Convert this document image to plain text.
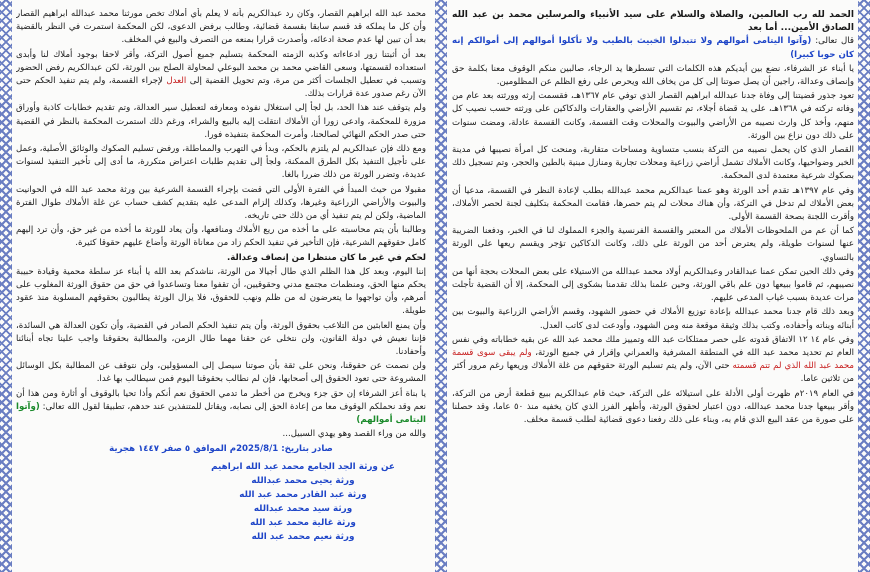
الحمد لله رب العالمين، والصلاة والسلام على سيد الأنبياء والمرسلين محمد بن عبد الله الصادق الأمين... أما بعد

قال تعالى: (وآتوا اليتامى أموالهم ولا تتبدلوا الخبيث بالطيب ولا تأكلوا أموالهم إلى أموالكم إنه كان حوبا كبيرا)

يا أبناء عز الشرفاء، نضع بين أيديكم هذه الكلمات التي تسطرها يد الرجاء، صالبين منكم الوقوف معنا بكلمة حق وإنصاف وعدالة، راجين أن يصل صوتنا إلى كل من يخاف الله ويحرص على رفع الظلم عن المظلومين.

تعود جذور قضيتنا إلى وفاة جدنا عبدالله ابراهيم القصار الذي توفي عام ١٣٦٧هـ، فقسمت إرثه وورثته بعد عام من وفاته تركته في ١٣٦٨هـ، على يد قضاة أجلاء، تم تقسيم الأراضي والعقارات والدكاكين على ورثته حسب نصيب كل منهم، وأخذ كل وارث نصيبه من الأراضي والبيوت والمحلات وقت القسمة، وكانت القسمة عادلة، ومضت سنوات على ذلك دون نزاع بين الورثة.

القصار الذي كان يحمل نصيبه من التركة بنسب متساوية ومساحات متقاربة، ومنحت كل امرأة نصيبها في مدينة الخبر وضواحيها، وكانت الأملاك تشمل أراضي زراعية ومحلات تجارية ومنازل مبنية بالطين والحجر، وتم تسجيل ذلك بصكوك شرعية معتمدة لدى المحكمة.

وفي عام ١٣٩٧هـ تقدم أحد الورثة وهو عمنا عبدالكريم محمد عبدالله بطلب لإعادة النظر في القسمة، مدعيا أن بعض الأملاك لم تدخل في التركة، وأن هناك محلات لم يتم حصرها، فقامت المحكمة بتكليف لجنة لحصر الأملاك، وأقرت اللجنة بصحة القسمة الأولى.

كما أن عم من الملحوظات الأملاك من المعتبر والقسمة الفرنسية والجزء المملوك لنا في الخبر، ودفعنا الضريبة عنها لسنوات طويلة، ولم يعترض أحد من الورثة على ذلك، وكانت الدكاكين تؤجر ويقسم ريعها على الورثة بالتساوي.

وفي ذلك الحين تمكن عمنا عبدالقادر وعبدالكريم أولاد محمد عبدالله من الاستيلاء على بعض المحلات بحجة أنها من نصيبهم، ثم قاموا ببيعها دون علم باقي الورثة، وحين علمنا بذلك تقدمنا بشكوى إلى المحكمة، إلا أن القضية تأجلت مرات عديدة بسبب غياب المدعى عليهم.

وبعد ذلك قام جدنا محمد عبدالله بإعادة توزيع الأملاك في حضور الشهود، وقسم الأراضي الزراعية والبيوت بين أبنائه وبناته وأحفاده، وكتب بذلك وثيقة موقعة منه ومن الشهود، وأودعت لدى كاتب العدل.

وفي عام ١٤ ١٢ الاتفاق قدوته على حصر ممتلكات عبد الله وتمييز ملك محمد عبد الله عن بقيه خطاباته وفي نفس العام تم تحديد محمد عبد الله في المنطقة المشرفية والعمراني وإقرار في جميع الورثة، ولم يبقى سوى قسمة محمد عبد الله الذي لم تتم قسمته حتى الآن، ولم يتم تسليم الورثة حقوقهم من غلة الأملاك وريعها رغم مرور أكثر من ثلاثين عاما.

في العام ٢٠١٩م ظهرت أولى الأدلة على استيلائه على التركة، حيث قام عبدالكريم ببيع قطعة أرض من التركة، وأقر ببيعها جدنا محمد عبدالله، دون اعتبار لحقوق الورثة، وأظهر الفرز الذي كان يخفيه منذ ٥٠ عاما، وقد حصلنا على صورة من عقد البيع الذي قام به، وبناء على ذلك رفعنا دعوى قضائية لطلب قسمة مخلف.

محمد عبد الله ابراهيم القصار، وكان رد عبدالكريم بأنه لا يعلم بأي أملاك تخص مورثنا محمد عبدالله ابراهيم القصار وأن كل ما يملكه قد قسم سابقا بقسمة قضائية، وطالب برفض الدعوى، لكن المحكمة استمرت في النظر بالقضية بعد أن تبين لها عدم صحة ادعائه، وأصدرت قرارا بمنعه من التصرف والبيع في المخلف.

بعد أن أثبتنا زور ادعاءاته وكذبه الزمته المحكمة بتسليم جميع أصول التركة، وأقر لاحقا بوجود أملاك لنا وأبدى استعداده لقسمتها، وسعى القاضي محمد بن محمد البوعلي لمحاولة الصلح بين الورثة، لكن عبدالكريم رفض الحضور وتسبب في تعطيل الجلسات أكثر من مرة، وتم تحويل القضية إلى العدل لإجراء القسمة، ولم يتم تنفيذ الحكم حتى الآن رغم صدور عدة قرارات بذلك.

ولم يتوقف عند هذا الحد، بل لجأ إلى استغلال نفوذه ومعارفه لتعطيل سير العدالة، وتم تقديم خطابات كاذبة وأوراق مزورة للمحكمة، وادعى زورا أن الأملاك انتقلت إليه بالبيع والشراء، ورغم ذلك استمرت المحكمة بالنظر في القضية حتى صدر الحكم النهائي لصالحنا، وأمرت المحكمة بتنفيذه فورا.

ومع ذلك فإن عبدالكريم لم يلتزم بالحكم، وبدأ في التهرب والمماطلة، ورفض تسليم الصكوك والوثائق الأصلية، وعمل على تأجيل التنفيذ بكل الطرق الممكنة، ولجأ إلى تقديم طلبات اعتراض متكررة، ما أدى إلى تأخير التنفيذ لسنوات عديدة، وتضرر الورثة من ذلك ضررا بالغا.

مقبولا من حيث المبدأ في الفترة الأولى التي قضت بإجراء القسمة الشرعية بين ورثة محمد عبد الله في الحوانيت والبيوت والأراضي الزراعية وغيرها، وكذلك إلزام المدعى عليه بتقديم كشف حساب عن غلة الأملاك طوال الفترة الماضية، ولكن لم يتم تنفيذ أي من ذلك حتى تاريخه.

وطالبنا بأن يتم محاسبته على ما أخذه من ريع الأملاك ومنافعها، وأن يعاد للورثة ما أخذه من غير حق، وأن ترد إليهم كامل حقوقهم الشرعية، فإن التأخير في تنفيذ الحكم زاد من معاناة الورثة وأضاع عليهم حقوقا كثيرة.

لحكم في غير ما كان منتظرا من إنصاف وعدالة.

إننا اليوم، وبعد كل هذا الظلم الذي طال أجيالا من الورثة، نناشدكم بعد الله يا أبناء عز سلطة محمية وقيادة حبيبة يحكم منها الحق، ومنظمات مجتمع مدني وحقوقيين، أن تقفوا معنا وتساعدوا في حق من حقوق الورثة المغلوب على أمرهم، وأن تواجهوا ما يتعرضون له من ظلم ونهب للحقوق، فلا يزال الورثة يطالبون بحقوقهم المسلوبة منذ عقود طويلة.

وأن يمنع العابثين من التلاعب بحقوق الورثة، وأن يتم تنفيذ الحكم الصادر في القضية، وأن تكون العدالة هي السائدة، فإننا نعيش في دولة القانون، ولن نتخلى عن حقنا مهما طال الزمن، والمطالبة بحقوقنا واجب علينا تجاه أبنائنا وأحفادنا.

ولن نصمت عن حقوقنا، ونحن على ثقة بأن صوتنا سيصل إلى المسؤولين، ولن نتوقف عن المطالبة بكل الوسائل المشروعة حتى تعود الحقوق إلى أصحابها، فإن لم نطالب بحقوقنا اليوم فمن سيطالب بها غدا.

يا بناة أعز الشرفاء إن حق جزء ويخرج من أخطر ما تدمي الحقوق نعم أنكم وأذا تحيا بالوقوف أو أثارة ومن هذا أن نعم وقد نحملكم الوقوف معا من إعادة الحق إلى نصابه، ويقاتل للمتنفذين عند حدهم، تطبيقا لقول الله تعالى: (وآتوا اليتامى أموالهم)

والله من وراء القصد وهو يهدي السبيل...

صادر بتاريخ: 2025/8/1م الموافق ٥ صفر ١٤٤٧ هجرية

عن ورثة الجد الجامع محمد عبد الله ابراهيم
ورثة يحيى محمد عبدالله
ورثة عبد القادر محمد عبد الله
ورثة سيد محمد عبدالله
ورثة غالية محمد عبد الله
ورثة نعيم محمد عبد الله
